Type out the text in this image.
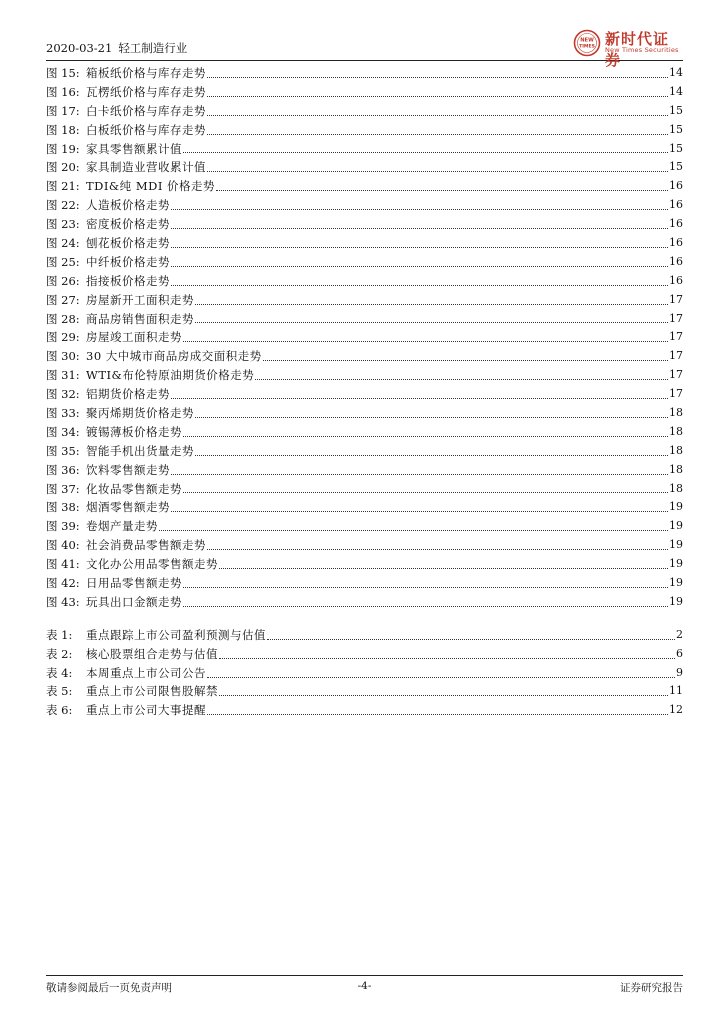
2020-03-21 轻工制造行业
NEW
TIMES 新时代证券
New Times Securities
图 15: 箱板纸价格与库存走势	14
图 16: 瓦楞纸价格与库存走势	14
图 17: 白卡纸价格与库存走势	15
图 18: 白板纸价格与库存走势	15
图 19: 家具零售额累计值	15
图 20: 家具制造业营收累计值	15
图 21: TDI&纯 MDI 价格走势	16
图 22: 人造板价格走势	16
图 23: 密度板价格走势	16
图 24: 刨花板价格走势	16
图 25: 中纤板价格走势	16
图 26: 指接板价格走势	16
图 27: 房屋新开工面积走势	17
图 28: 商品房销售面积走势	17
图 29: 房屋竣工面积走势	17
图 30: 30 大中城市商品房成交面积走势	17
图 31: WTI&布伦特原油期货价格走势	17
图 32: 铝期货价格走势	17
图 33: 聚丙烯期货价格走势	18
图 34: 镀锡薄板价格走势	18
图 35: 智能手机出货量走势	18
图 36: 饮料零售额走势	18
图 37: 化妆品零售额走势	18
图 38: 烟酒零售额走势	19
图 39: 卷烟产量走势	19
图 40: 社会消费品零售额走势	19
图 41: 文化办公用品零售额走势	19
图 42: 日用品零售额走势	19
图 43: 玩具出口金额走势	19
表 1:	重点跟踪上市公司盈利预测与估值	2
表 2:	核心股票组合走势与估值	6
表 4:	本周重点上市公司公告	9
表 5:	重点上市公司限售股解禁	11
表 6:	重点上市公司大事提醒	12
敬请参阅最后一页免责声明	-4-	证券研究报告
